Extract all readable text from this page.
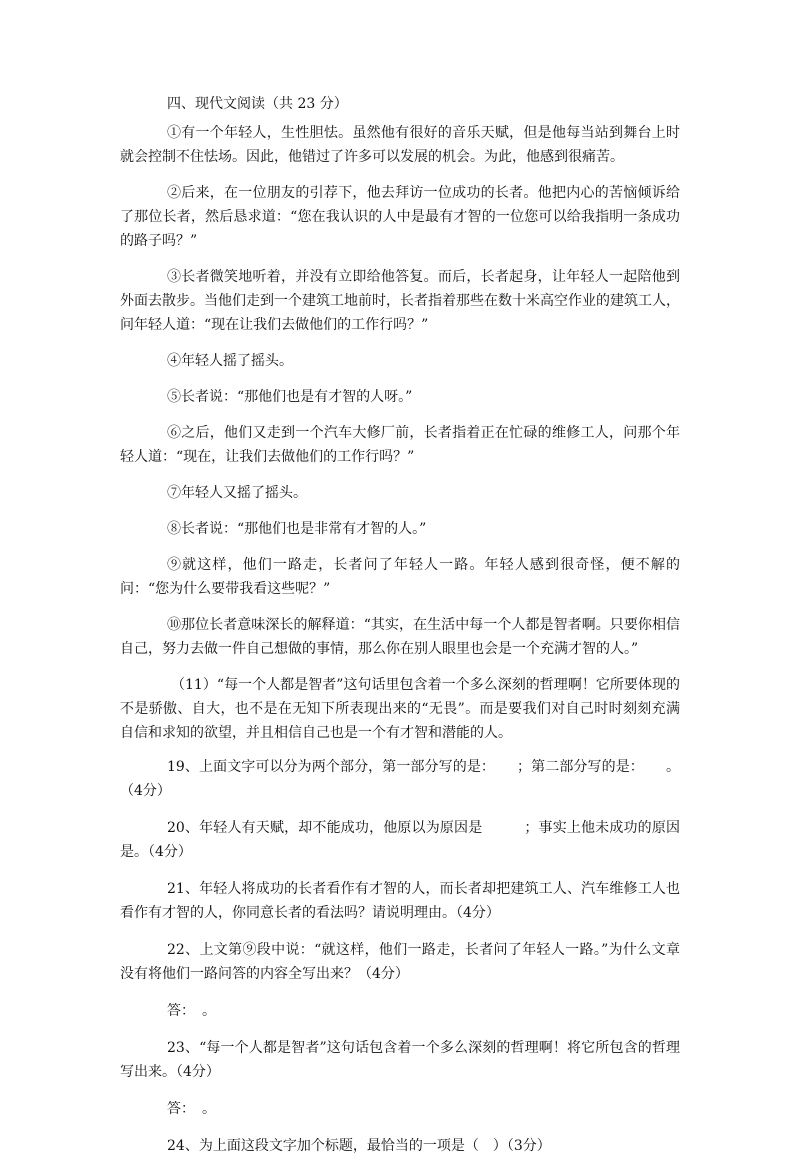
四、现代文阅读（共 23 分）

①有一个年轻人，生性胆怯。虽然他有很好的音乐天赋，但是他每当站到舞台上时就会控制不住怯场。因此，他错过了许多可以发展的机会。为此，他感到很痛苦。

②后来，在一位朋友的引荐下，他去拜访一位成功的长者。他把内心的苦恼倾诉给了那位长者，然后恳求道：“您在我认识的人中是最有才智的一位您可以给我指明一条成功的路子吗？”

③长者微笑地听着，并没有立即给他答复。而后，长者起身，让年轻人一起陪他到外面去散步。当他们走到一个建筑工地前时，长者指着那些在数十米高空作业的建筑工人，问年轻人道：“现在让我们去做他们的工作行吗？”

④年轻人摇了摇头。

⑤长者说：“那他们也是有才智的人呀。”

⑥之后，他们又走到一个汽车大修厂前，长者指着正在忙碌的维修工人，问那个年轻人道：“现在，让我们去做他们的工作行吗？”

⑦年轻人又摇了摇头。

⑧长者说：“那他们也是非常有才智的人。”

⑨就这样，他们一路走，长者问了年轻人一路。年轻人感到很奇怪，便不解的问：“您为什么要带我看这些呢？”

⑩那位长者意味深长的解释道：“其实，在生活中每一个人都是智者啊。只要你相信自己，努力去做一件自己想做的事情，那么你在别人眼里也会是一个充满才智的人。”

（11）“每一个人都是智者”这句话里包含着一个多么深刻的哲理啊！它所要体现的不是骄傲、自大，也不是在无知下所表现出来的“无畏”。而是要我们对自己时时刻刻充满自信和求知的欲望，并且相信自己也是一个有才智和潜能的人。

19、上面文字可以分为两个部分，第一部分写的是： ；第二部分写的是： 。（4分）

20、年轻人有天赋，却不能成功，他原以为原因是	；事实上他未成功的原因是。（4分）

21、年轻人将成功的长者看作有才智的人，而长者却把建筑工人、汽车维修工人也看作有才智的人，你同意长者的看法吗？请说明理由。（4分）

22、上文第⑨段中说：“就这样，他们一路走，长者问了年轻人一路。”为什么文章没有将他们一路问答的内容全写出来？（4分）

答：　。

23、“每一个人都是智者”这句话包含着一个多么深刻的哲理啊！将它所包含的哲理写出来。（4分）

答：　。

24、为上面这段文字加个标题，最恰当的一项是（　）（3分）
